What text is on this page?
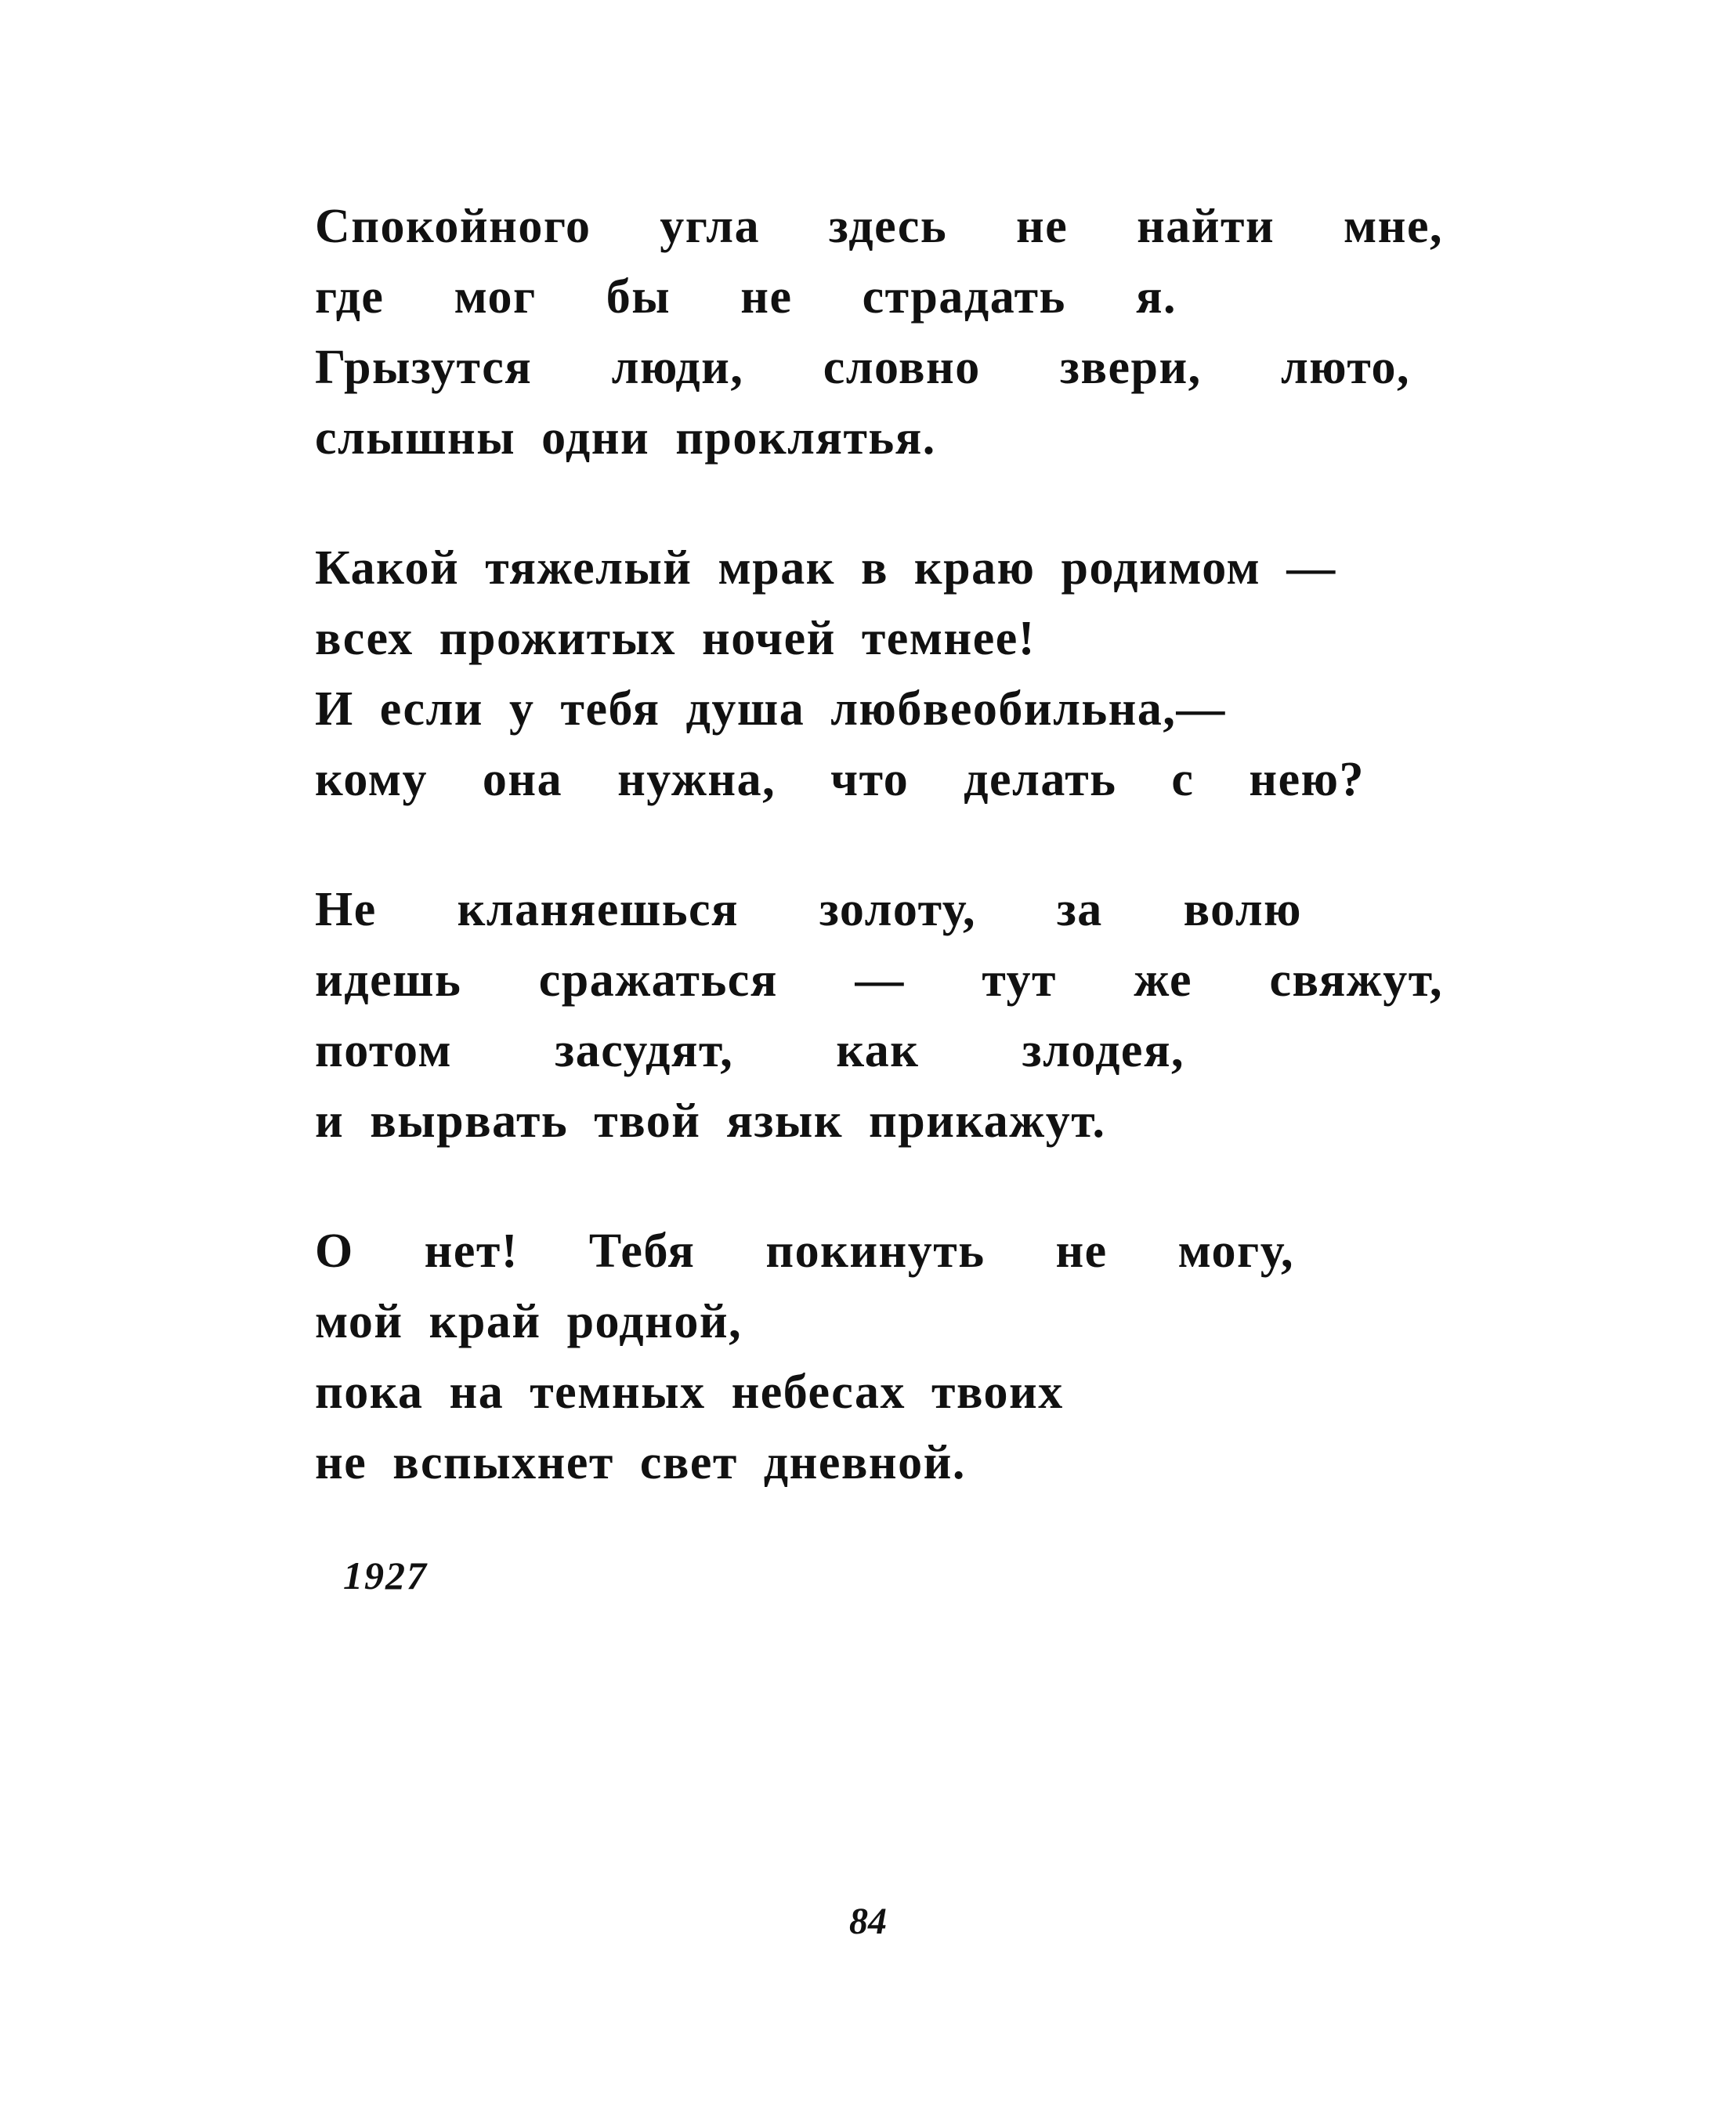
Спокойного угла здесь не найти мне,
где мог бы не страдать я.
Грызутся люди, словно звери, люто,
слышны одни проклятья.
Какой тяжелый мрак в краю родимом —
всех прожитых ночей темнее!
И если у тебя душа любвеобильна,—
кому она нужна, что делать с нею?
Не кланяешься золоту, за волю
идешь сражаться — тут же свяжут,
потом засудят, как злодея,
и вырвать твой язык прикажут.
О нет! Тебя покинуть не могу,
мой край родной,
пока на темных небесах твоих
не вспыхнет свет дневной.
1927
84
